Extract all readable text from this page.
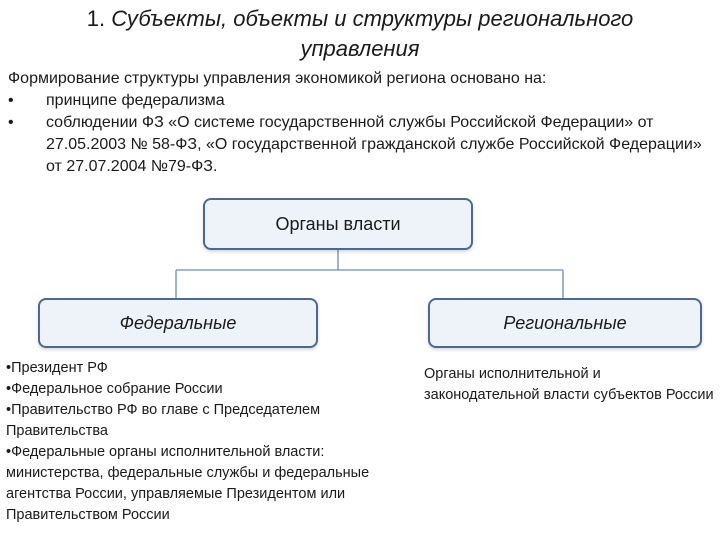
1. Субъекты, объекты и структуры регионального
управления

Формирование структуры управления экономикой региона основано на:

• принципе федерализма
• соблюдении ФЗ «О системе государственной службы Российской Федерации» от 27.05.2003 № 58-ФЗ, «О государственной гражданской службе Российской Федерации» от 27.07.2004 №79-ФЗ.
Органы власти
Федеральные	Региональные
•Президент РФ
•Федеральное собрание России
•Правительство РФ во главе с Председателем Правительства
•Федеральные органы исполнительной власти: министерства, федеральные службы и федеральные агентства России, управляемые Президентом или Правительством России
Органы исполнительной и законодательной власти субъектов России
